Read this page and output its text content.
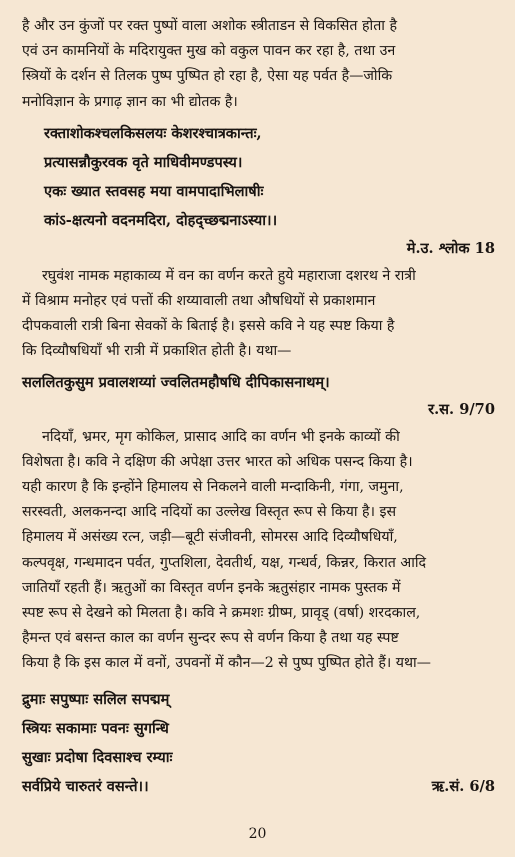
है और उन कुंजों पर रक्त पुष्पों वाला अशोक स्त्रीताडन से विकसित होता है
एवं उन कामनियों के मदिरायुक्त मुख को वकुल पावन कर रहा है, तथा उन
स्त्रियों के दर्शन से तिलक पुष्प पुष्पित हो रहा है, ऐसा यह पर्वत है—जोकि
मनोविज्ञान के प्रगाढ़ ज्ञान का भी द्योतक है।

रक्ताशोकश्चलकिसलयः केशरश्चात्रकान्तः,
प्रत्यासन्नौकुरवक वृते माधिवीमण्डपस्य।
एकः ख्यात स्तवसह मया वामपादाभिलाषीः
कांऽ-क्षत्यनो वदनमदिरा, दोहद्च्छद्मनाऽस्या।।

मे.उ. श्लोक 18

रघुवंश नामक महाकाव्य में वन का वर्णन करते हुये महाराजा दशरथ ने रात्री
में विश्राम मनोहर एवं पत्तों की शय्यावाली तथा औषधियों से प्रकाशमान
दीपकवाली रात्री बिना सेवकों के बिताई है। इससे कवि ने यह स्पष्ट किया है
कि दिव्यौषधियाँ भी रात्री में प्रकाशित होती है। यथा—

सललितकुसुम प्रवालशय्यां ज्वलितमहौषधि दीपिकासनाथम्।

र.स. 9/70

नदियाँ, भ्रमर, मृग कोकिल, प्रासाद आदि का वर्णन भी इनके काव्यों की
विशेषता है। कवि ने दक्षिण की अपेक्षा उत्तर भारत को अधिक पसन्द किया है।
यही कारण है कि इन्होंने हिमालय से निकलने वाली मन्दाकिनी, गंगा, जमुना,
सरस्वती, अलकनन्दा आदि नदियों का उल्लेख विस्तृत रूप से किया है। इस
हिमालय में असंख्य रत्न, जड़ी—बूटी संजीवनी, सोमरस आदि दिव्यौषधियाँ,
कल्पवृक्ष, गन्धमादन पर्वत, गुप्तशिला, देवतीर्थ, यक्ष, गन्धर्व, किन्नर, किरात आदि
जातियाँ रहती हैं। ऋतुओं का विस्तृत वर्णन इनके ऋतुसंहार नामक पुस्तक में
स्पष्ट रूप से देखने को मिलता है। कवि ने क्रमशः ग्रीष्म, प्रावृड् (वर्षा) शरदकाल,
हैमन्त एवं बसन्त काल का वर्णन सुन्दर रूप से वर्णन किया है तथा यह स्पष्ट
किया है कि इस काल में वनों, उपवनों में कौन—2 से पुष्प पुष्पित होते हैं। यथा—

द्रुमाः सपुष्पाः सलिल सपद्मम्
स्त्रियः सकामाः पवनः सुगन्धि
सुखाः प्रदोषा दिवसाश्च रम्याः
सर्वप्रिये चारुतरं वसन्ते।।	ऋ.सं. 6/8
20
